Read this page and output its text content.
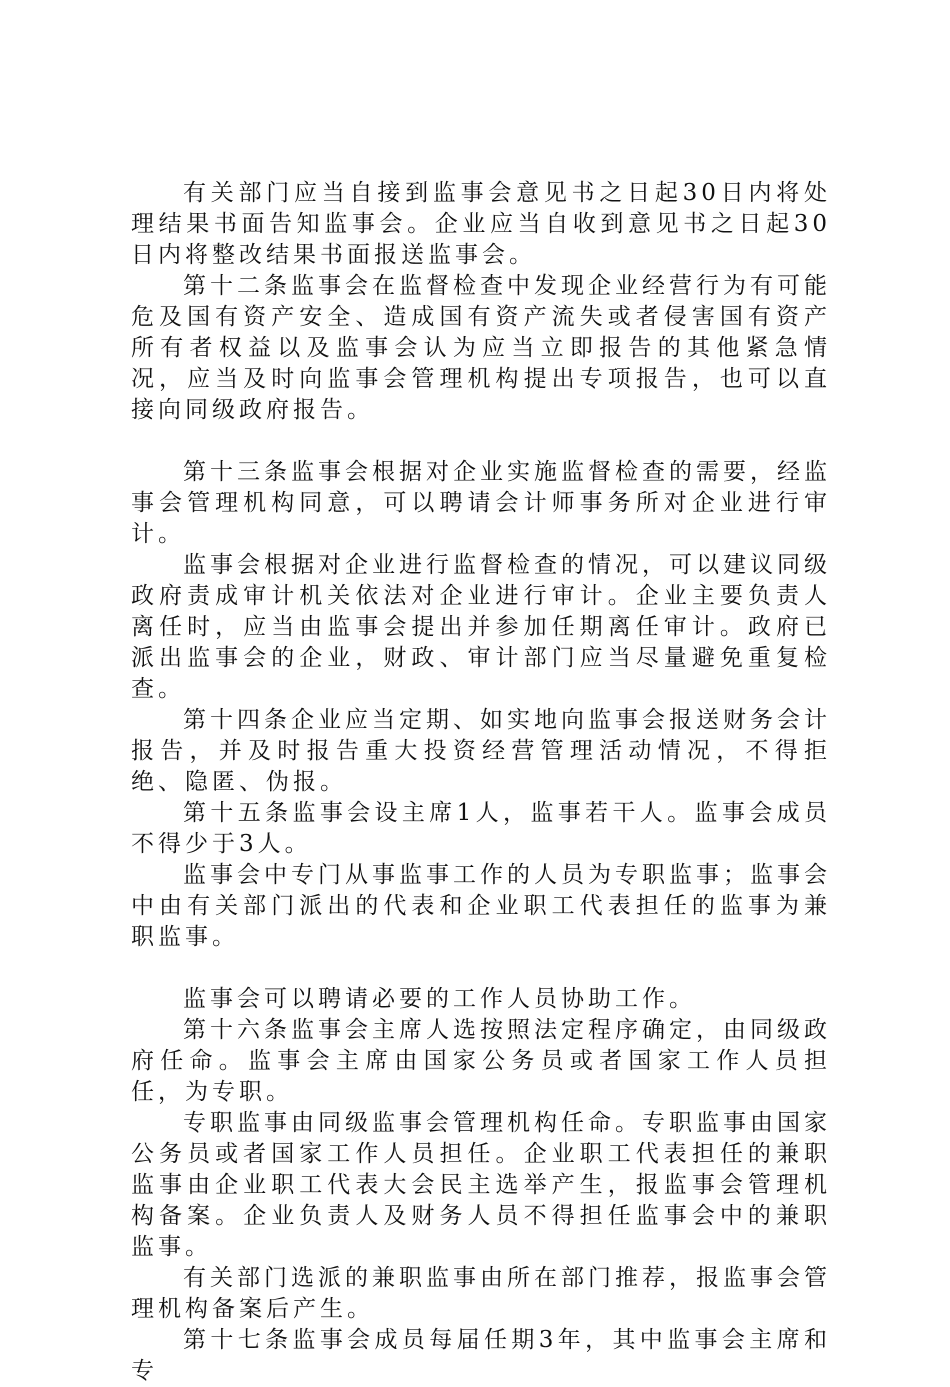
有关部门应当自接到监事会意见书之日起30日内将处理结果书面告知监事会。企业应当自收到意见书之日起30日内将整改结果书面报送监事会。

第十二条监事会在监督检查中发现企业经营行为有可能危及国有资产安全、造成国有资产流失或者侵害国有资产所有者权益以及监事会认为应当立即报告的其他紧急情况，应当及时向监事会管理机构提出专项报告，也可以直接向同级政府报告。

第十三条监事会根据对企业实施监督检查的需要，经监事会管理机构同意，可以聘请会计师事务所对企业进行审计。

监事会根据对企业进行监督检查的情况，可以建议同级政府责成审计机关依法对企业进行审计。企业主要负责人离任时，应当由监事会提出并参加任期离任审计。政府已派出监事会的企业，财政、审计部门应当尽量避免重复检查。

第十四条企业应当定期、如实地向监事会报送财务会计报告，并及时报告重大投资经营管理活动情况，不得拒绝、隐匿、伪报。

第十五条监事会设主席1人，监事若干人。监事会成员不得少于3人。

监事会中专门从事监事工作的人员为专职监事；监事会中由有关部门派出的代表和企业职工代表担任的监事为兼职监事。

监事会可以聘请必要的工作人员协助工作。

第十六条监事会主席人选按照法定程序确定，由同级政府任命。监事会主席由国家公务员或者国家工作人员担任，为专职。

专职监事由同级监事会管理机构任命。专职监事由国家公务员或者国家工作人员担任。企业职工代表担任的兼职监事由企业职工代表大会民主选举产生，报监事会管理机构备案。企业负责人及财务人员不得担任监事会中的兼职监事。

有关部门选派的兼职监事由所在部门推荐，报监事会管理机构备案后产生。

第十七条监事会成员每届任期3年，其中监事会主席和专
